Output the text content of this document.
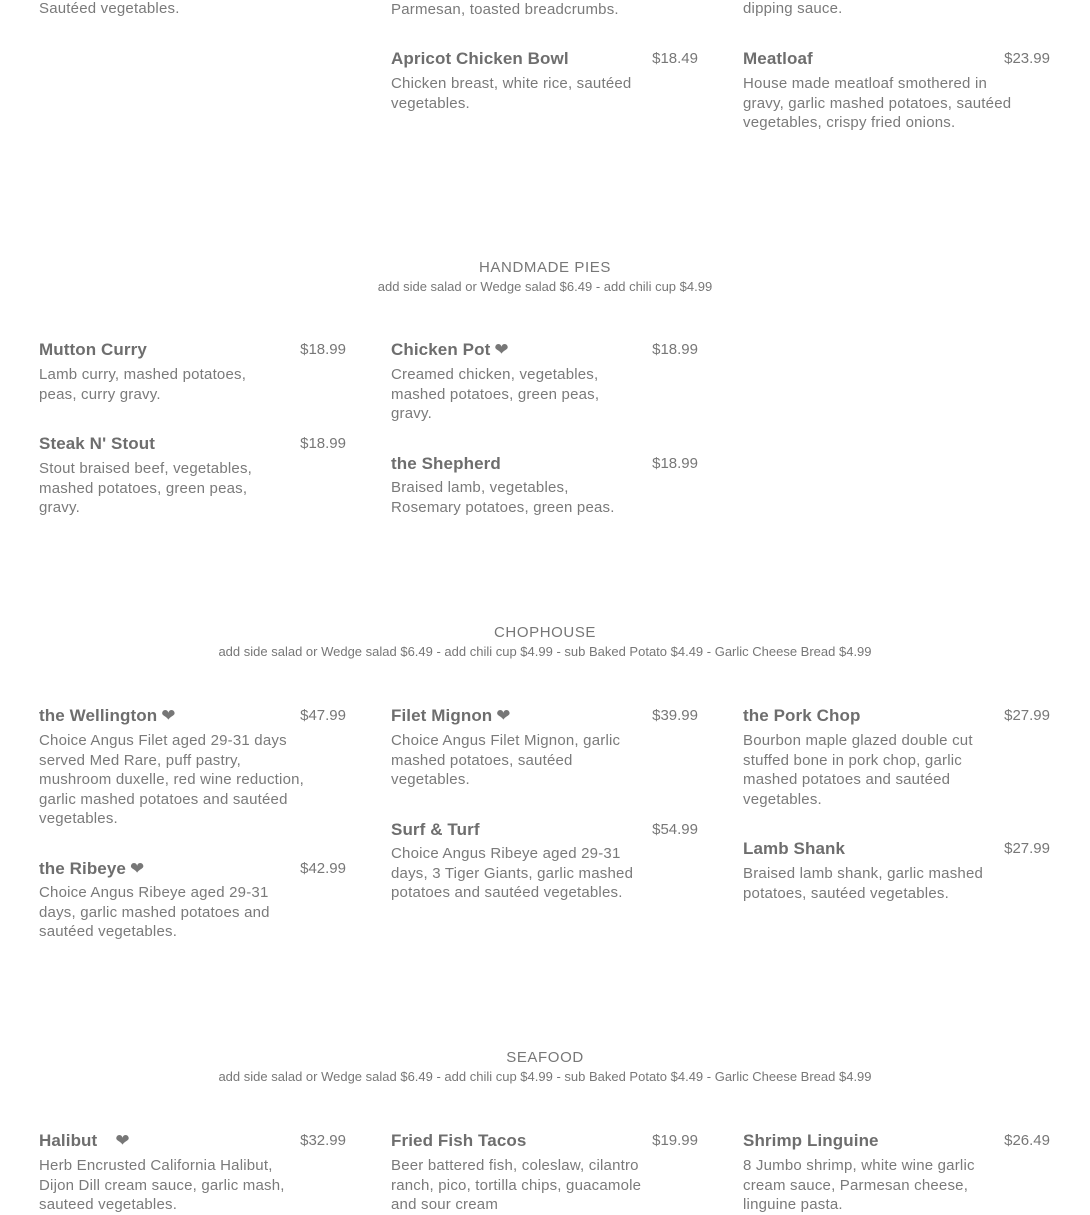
Sautéed vegetables.	Parmesan, toasted breadcrumbs.	dipping sauce.
Apricot Chicken Bowl	$18.49
Chicken breast, white rice, sautéed vegetables.
Meatloaf	$23.99
House made meatloaf smothered in gravy, garlic mashed potatoes, sautéed vegetables, crispy fried onions.
HANDMADE PIES
add side salad or Wedge salad $6.49 - add chili cup $4.99
Mutton Curry	$18.99
Lamb curry, mashed potatoes, peas, curry gravy.
Steak N' Stout	$18.99
Stout braised beef, vegetables, mashed potatoes, green peas, gravy.
Chicken Pot ❤	$18.99
Creamed chicken, vegetables, mashed potatoes, green peas, gravy.
the Shepherd	$18.99
Braised lamb, vegetables, Rosemary potatoes, green peas.
CHOPHOUSE
add side salad or Wedge salad $6.49 - add chili cup $4.99 - sub Baked Potato $4.49 - Garlic Cheese Bread $4.99
the Wellington ❤	$47.99
Choice Angus Filet aged 29-31 days served Med Rare, puff pastry, mushroom duxelle, red wine reduction, garlic mashed potatoes and sautéed vegetables.
the Ribeye ❤	$42.99
Choice Angus Ribeye aged 29-31 days, garlic mashed potatoes and sautéed vegetables.
Filet Mignon ❤	$39.99
Choice Angus Filet Mignon, garlic mashed potatoes, sautéed vegetables.
Surf & Turf	$54.99
Choice Angus Ribeye aged 29-31 days, 3 Tiger Giants, garlic mashed potatoes and sautéed vegetables.
the Pork Chop	$27.99
Bourbon maple glazed double cut stuffed bone in pork chop, garlic mashed potatoes and sautéed vegetables.
Lamb Shank	$27.99
Braised lamb shank, garlic mashed potatoes, sautéed vegetables.
SEAFOOD
add side salad or Wedge salad $6.49 - add chili cup $4.99 - sub Baked Potato $4.49 - Garlic Cheese Bread $4.99
Halibut ❤	$32.99
Herb Encrusted California Halibut, Dijon Dill cream sauce, garlic mash, sauteed vegetables.
Fried Fish Tacos	$19.99
Beer battered fish, coleslaw, cilantro ranch, pico, tortilla chips, guacamole and sour cream
Shrimp Linguine	$26.49
8 Jumbo shrimp, white wine garlic cream sauce, Parmesan cheese, linguine pasta.
